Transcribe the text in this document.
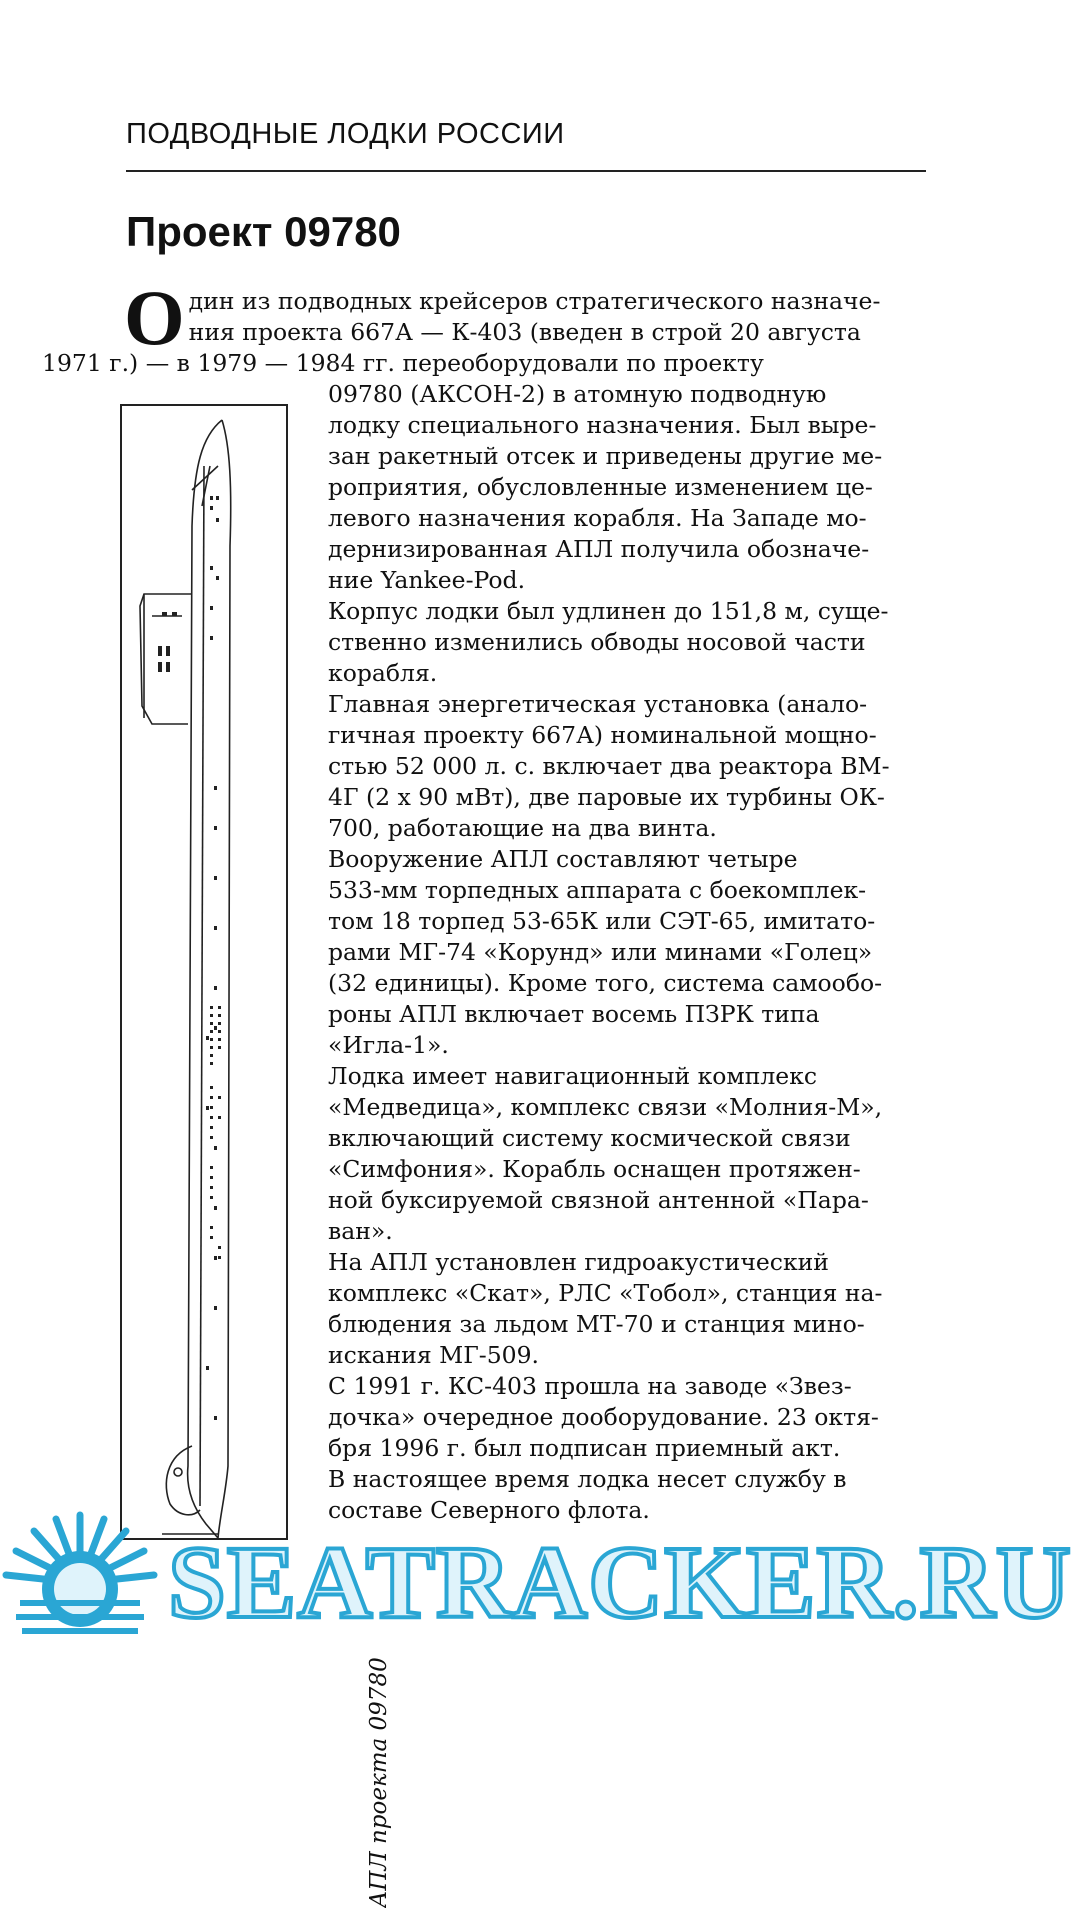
ПОДВОДНЫЕ ЛОДКИ РОССИИ
Проект 09780
О дин из подводных крейсеров стратегического назначе-

ния проекта 667А — К-403 (введен в строй 20 августа

1971 г.) — в 1979 — 1984 гг. переоборудовали по проекту

АПЛ проекта 09780

09780 (АКСОН-2) в атомную подводную

лодку специального назначения. Был выре-

зан ракетный отсек и приведены другие ме-

роприятия, обусловленные изменением це-

левого назначения корабля. На Западе мо-

дернизированная АПЛ получила обозначе-

ние Yankee-Pod.

Корпус лодки был удлинен до 151,8 м, суще-

ственно изменились обводы носовой части

корабля.

Главная энергетическая установка (анало-

гичная проекту 667А) номинальной мощно-

стью 52 000 л. с. включает два реактора ВМ-

4Г (2 х 90 мВт), две паровые их турбины ОК-

700, работающие на два винта.

Вооружение АПЛ составляют четыре

533-мм торпедных аппарата с боекомплек-

том 18 торпед 53-65К или СЭТ-65, имитато-

рами МГ-74 «Корунд» или минами «Голец»

(32 единицы). Кроме того, система самообо-

роны АПЛ включает восемь ПЗРК типа

«Игла-1».

Лодка имеет навигационный комплекс

«Медведица», комплекс связи «Молния-М»,

включающий систему космической связи

«Симфония». Корабль оснащен протяжен-

ной буксируемой связной антенной «Пара-

ван».

На АПЛ установлен гидроакустический

комплекс «Скат», РЛС «Тобол», станция на-

блюдения за льдом МТ-70 и станция мино-

искания МГ-509.

С 1991 г. КС-403 прошла на заводе «Звез-

дочка» очередное дооборудование. 23 октя-

бря 1996 г. был подписан приемный акт.

В настоящее время лодка несет службу в

составе Северного флота.

SEATRACKER.RU
